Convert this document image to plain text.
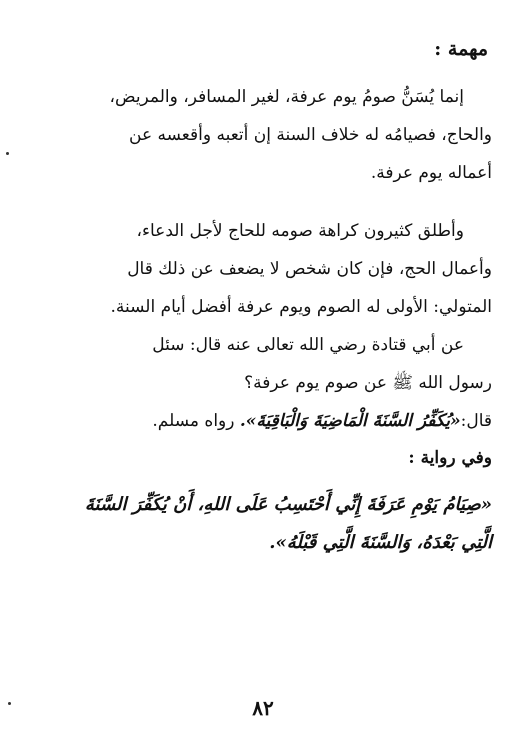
مهمة :
إنما يُسَنُّ صومُ يوم عرفة، لغير المسافر، والمريض،
والحاج، فصيامُه له خلاف السنة إن أتعبه وأقعسه عن
أعماله يوم عرفة.
وأطلق كثيرون كراهة صومه للحاج لأجل الدعاء،
وأعمال الحج، فإن كان شخص لا يضعف عن ذلك قال
المتولي: الأولى له الصوم ويوم عرفة أفضل أيام السنة.
عن أبي قتادة رضي الله تعالى عنه قال: سئل
رسول الله ﷺ عن صوم يوم عرفة؟
قال:«يُكَفِّرُ السَّنَةَ الْمَاضِيَةَ وَالْبَاقِيَةَ». رواه مسلم.
وفي رواية :
«صِيَامُ يَوْمِ عَرَفَةَ إِنِّي أَحْتَسِبُ عَلَى اللهِ، أَنْ يُكَفِّرَ السَّنَةَ
الَّتِي بَعْدَهُ، وَالسَّنَةَ الَّتِي قَبْلَهُ».
٨٢
